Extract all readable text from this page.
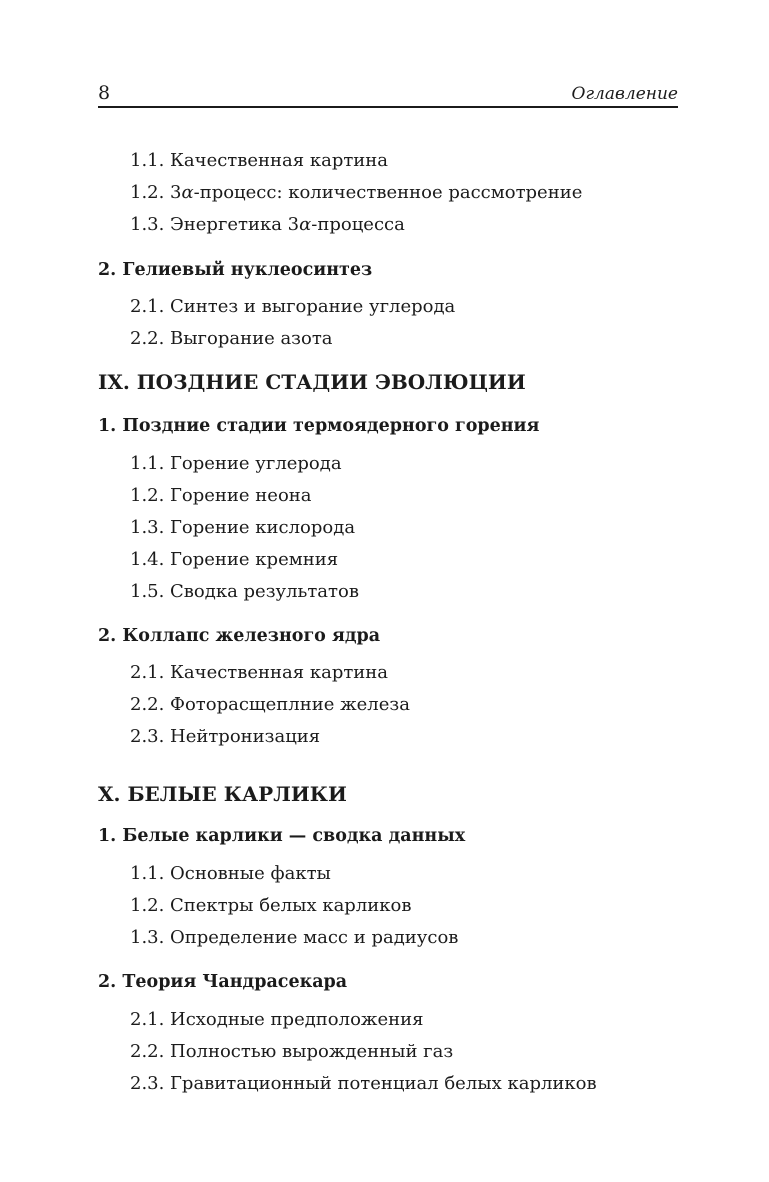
8	Оглавление
1.1. Качественная картина
1.2. 3α-процесс: количественное рассмотрение
1.3. Энергетика 3α-процесса
2. Гелиевый нуклеосинтез
2.1. Синтез и выгорание углерода
2.2. Выгорание азота
IX. ПОЗДНИЕ СТАДИИ ЭВОЛЮЦИИ
1. Поздние стадии термоядерного горения
1.1. Горение углерода
1.2. Горение неона
1.3. Горение кислорода
1.4. Горение кремния
1.5. Сводка результатов
2. Коллапс железного ядра
2.1. Качественная картина
2.2. Фоторасщеплние железа
2.3. Нейтронизация
X. БЕЛЫЕ КАРЛИКИ
1. Белые карлики — сводка данных
1.1. Основные факты
1.2. Спектры белых карликов
1.3. Определение масс и радиусов
2. Теория Чандрасекара
2.1. Исходные предположения
2.2. Полностью вырожденный газ
2.3. Гравитационный потенциал белых карликов
